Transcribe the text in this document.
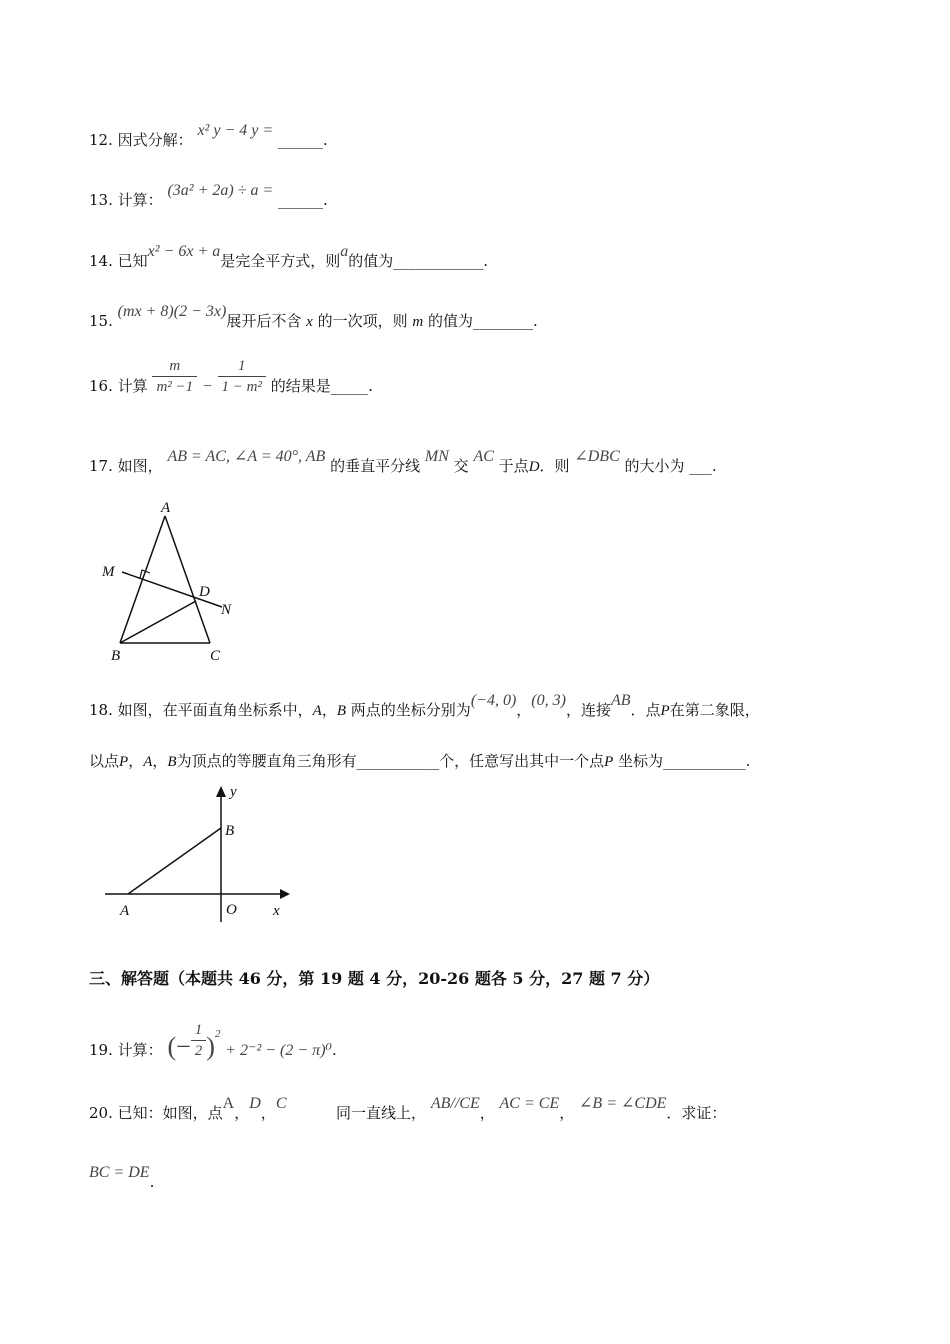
12. 因式分解： x² y − 4 y = ______.
13. 计算： (3a² + 2a) ÷ a = ______.
14. 已知x² − 6x + a是完全平方式，则a的值为____________.
15. (mx + 8)(2 − 3x)展开后不含 x 的一次项，则 m 的值为________.
16. 计算 $\frac{m}{\text{m² −1}} - \frac{1}{\text{1 − m²}}$ 的结果是_____.
17. 如图， AB = AC, ∠A = 40°, AB 的垂直平分线 MN 交 AC 于点D．则 ∠DBC 的大小为 ___.
A
M
D
N
B	C
18. 如图，在平面直角坐标系中，A，B 两点的坐标分别为(−4, 0)，(0, 3)，连接AB．点P在第二象限，
以点P，A，B为顶点的等腰直角三角形有___________个，任意写出其中一个点P 坐标为___________.
y
B
A	O x
三、解答题（本题共 46 分，第 19 题 4 分，20-26 题各 5 分，27 题 7 分）
19. 计算： (− $\frac{1}{2} )^2 + 2^{-2} - (2 - \pi)^0$.
20. 已知：如图，点A，D，C  同一直线上， AB//CE， AC = CE， ∠B = ∠CDE．求证：
BC = DE.
